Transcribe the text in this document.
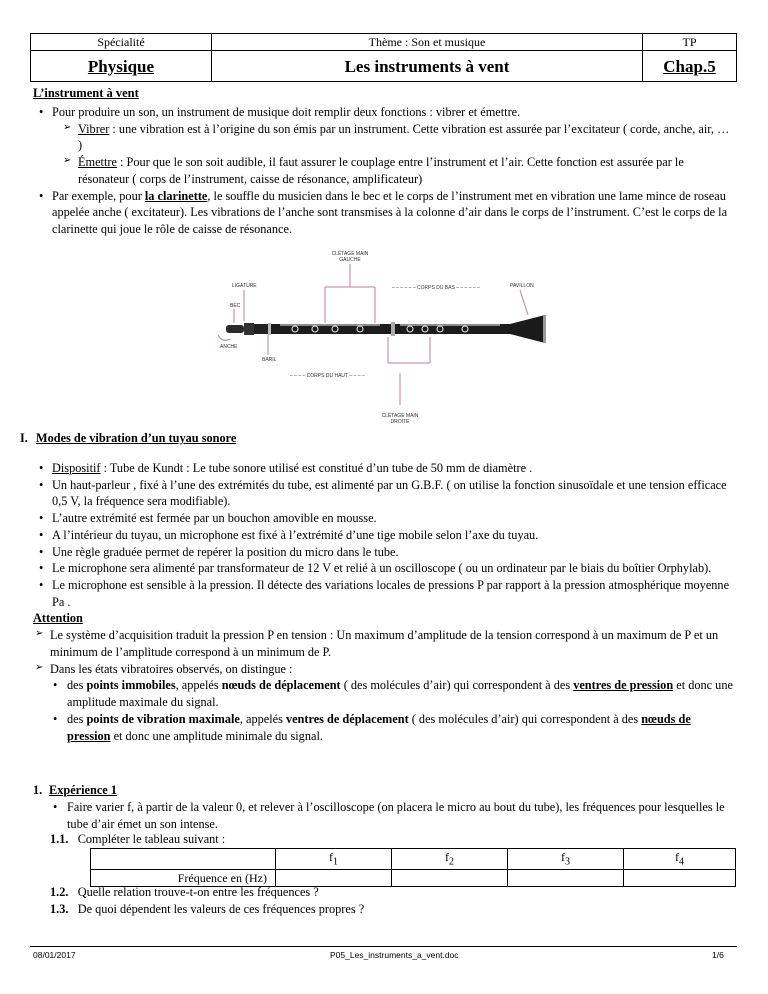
Spécialité	Thème : Son et musique	TP
Physique	Les instruments à vent	Chap.5
L’instrument à vent
• Pour produire un son, un instrument de musique doit remplir deux fonctions : vibrer et émettre.
➢ Vibrer : une vibration est à l’origine du son émis par un instrument. Cette vibration est assurée par l’excitateur ( corde, anche, air, … )
➢ Émettre : Pour que le son soit audible, il faut assurer le couplage entre l’instrument et l’air. Cette fonction est assurée par le résonateur ( corps de l’instrument, caisse de résonance, amplificateur)
• Par exemple, pour la clarinette, le souffle du musicien dans le bec et le corps de l’instrument met en vibration une lame mince de roseau appelée anche ( excitateur). Les vibrations de l’anche sont transmises à la colonne d’air dans le corps de l’instrument. C’est le corps de la clarinette qui joue le rôle de caisse de résonance.
CLÉTAGE MAIN
GAUCHE
LIGATURE	– – – – – – CORPS DU BAS – – – – – –	PAVILLON
BEC
ANCHE
BARIL
– – – – CORPS DU HAUT – – – –
CLÉTAGE MAIN
DROITE
I. Modes de vibration d’un tuyau sonore
• Dispositif : Tube de Kundt : Le tube sonore utilisé est constitué d’un tube de 50 mm de diamètre .
• Un haut-parleur , fixé à l’une des extrémités du tube, est alimenté par un G.B.F. ( on utilise la fonction sinusoïdale et une tension efficace 0,5 V, la fréquence sera modifiable).
• L’autre extrémité est fermée par un bouchon amovible en mousse.
• A l’intérieur du tuyau, un microphone est fixé à l’extrémité d’une tige mobile selon l’axe du tuyau.
• Une règle graduée permet de repérer la position du micro dans le tube.
• Le microphone sera alimenté par transformateur de 12 V et relié à un oscilloscope ( ou un ordinateur par le biais du boîtier Orphylab).
• Le microphone est sensible à la pression. Il détecte des variations locales de pressions P par rapport à la pression atmosphérique moyenne Pa .
Attention
➢ Le système d’acquisition traduit la pression P en tension : Un maximum d’amplitude de la tension correspond à un maximum de P et un minimum de l’amplitude correspond à un minimum de P.
➢ Dans les états vibratoires observés, on distingue :
• des points immobiles, appelés nœuds de déplacement ( des molécules d’air) qui correspondent à des ventres de pression et donc une amplitude maximale du signal.
• des points de vibration maximale, appelés ventres de déplacement ( des molécules d’air) qui correspondent à des nœuds de pression et donc une amplitude minimale du signal.
1. Expérience 1
• Faire varier f, à partir de la valeur 0, et relever à l’oscilloscope (on placera le micro au bout du tube), les fréquences pour lesquelles le tube d’air émet un son intense.
1.1. Compléter le tableau suivant :
	$f_1$	$f_2$	$f_3$	$f_4$
Fréquence en (Hz)				
1.2. Quelle relation trouve-t-on entre les fréquences ?
1.3. De quoi dépendent les valeurs de ces fréquences propres ?
08/01/2017	P05_Les_instruments_a_vent.doc	1/6
